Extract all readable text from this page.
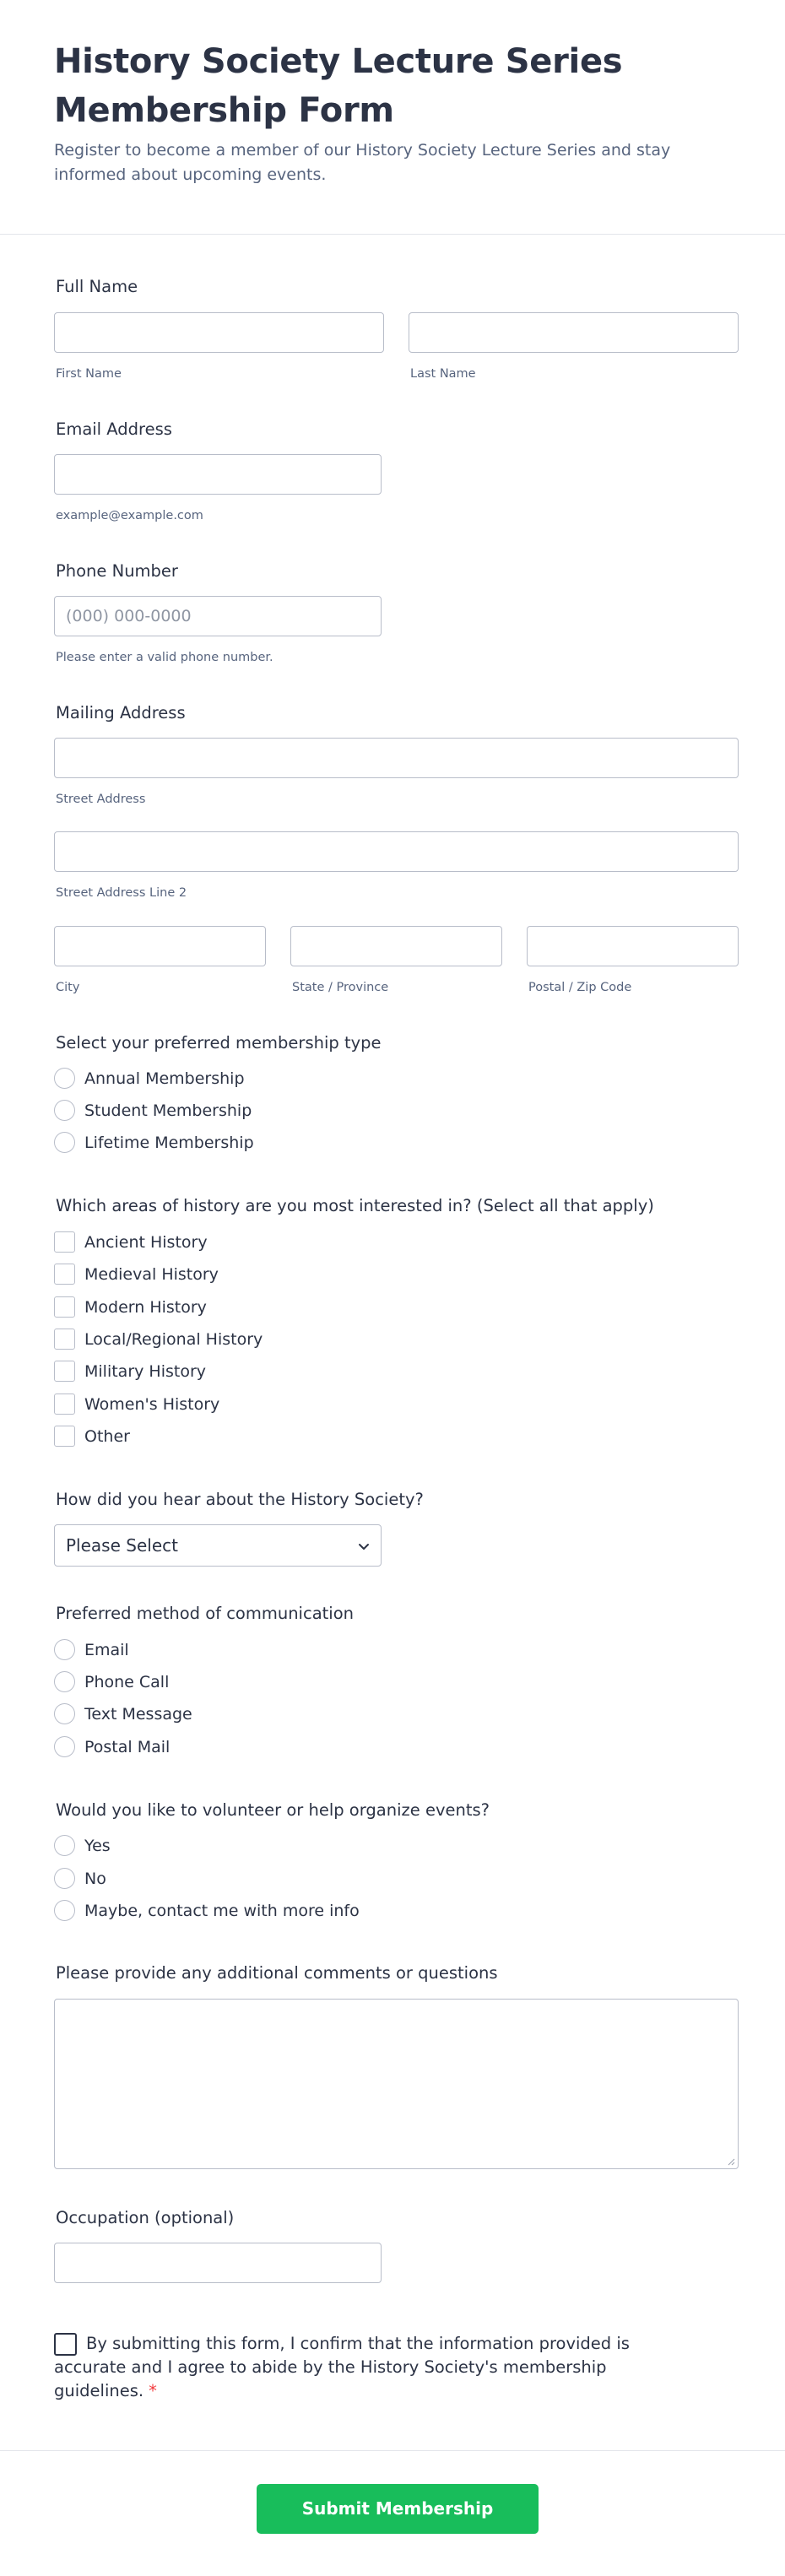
History Society Lecture Series Membership Form

Register to become a member of our History Society Lecture Series and stay informed about upcoming events.

Full Name
First Name	Last Name
Email Address
example@example.com
Phone Number
(000) 000-0000
Please enter a valid phone number.
Mailing Address
Street Address
Street Address Line 2
City	State / Province	Postal / Zip Code
Select your preferred membership type
Annual Membership
Student Membership
Lifetime Membership
Which areas of history are you most interested in? (Select all that apply)
Ancient History
Medieval History
Modern History
Local/Regional History
Military History
Women's History
Other
How did you hear about the History Society?
Please Select
Preferred method of communication
Email
Phone Call
Text Message
Postal Mail
Would you like to volunteer or help organize events?
Yes
No
Maybe, contact me with more info
Please provide any additional comments or questions
Occupation (optional)
By submitting this form, I confirm that the information provided is accurate and I agree to abide by the History Society's membership guidelines. *
Submit Membership Application
